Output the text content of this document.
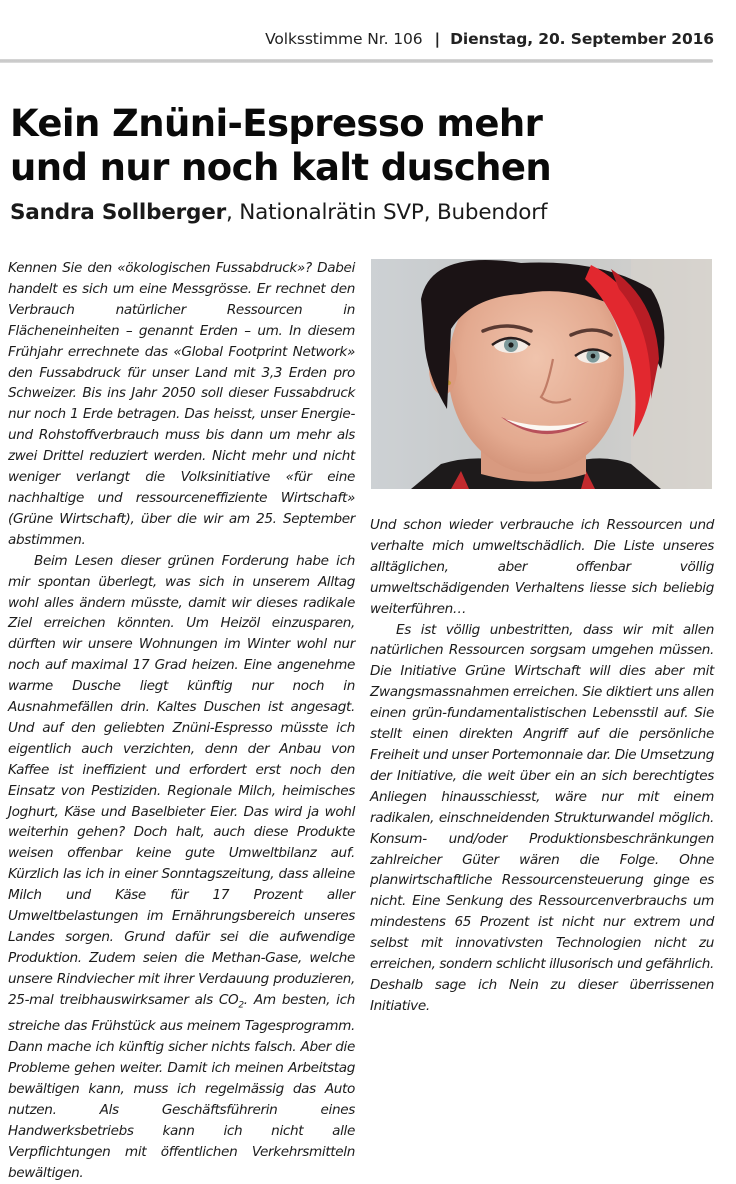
Volksstimme Nr. 106 | Dienstag, 20. September 2016
Kein Znüni-Espresso mehr
und nur noch kalt duschen
Sandra Sollberger, Nationalrätin SVP, Bubendorf

Kennen Sie den «ökologischen Fussabdruck»? Dabei handelt es sich um eine Messgrösse. Er rechnet den Verbrauch natürlicher Ressourcen in Flächeneinheiten – genannt Erden – um. In diesem Frühjahr errechnete das «Global Footprint Network» den Fussabdruck für unser Land mit 3,3 Erden pro Schweizer. Bis ins Jahr 2050 soll dieser Fussabdruck nur noch 1 Erde betragen. Das heisst, unser Energie- und Rohstoffverbrauch muss bis dann um mehr als zwei Drittel reduziert werden. Nicht mehr und nicht weniger verlangt die Volksinitiative «für eine nachhaltige und ressourceneffiziente Wirtschaft» (Grüne Wirtschaft), über die wir am 25. September abstimmen.

Beim Lesen dieser grünen Forderung habe ich mir spontan überlegt, was sich in unserem Alltag wohl alles ändern müsste, damit wir dieses radikale Ziel erreichen könnten. Um Heizöl einzusparen, dürften wir unsere Wohnungen im Winter wohl nur noch auf maximal 17 Grad heizen. Eine angenehme warme Dusche liegt künftig nur noch in Ausnahmefällen drin. Kaltes Duschen ist angesagt. Und auf den geliebten Znüni-Espresso müsste ich eigentlich auch verzichten, denn der Anbau von Kaffee ist ineffizient und erfordert erst noch den Einsatz von Pestiziden. Regionale Milch, heimisches Joghurt, Käse und Baselbieter Eier. Das wird ja wohl weiterhin gehen? Doch halt, auch diese Produkte weisen offenbar keine gute Umweltbilanz auf. Kürzlich las ich in einer Sonntagszeitung, dass alleine Milch und Käse für 17 Prozent aller Umweltbelastungen im Ernährungsbereich unseres Landes sorgen. Grund dafür sei die aufwendige Produktion. Zudem seien die Methan-Gase, welche unsere Rindviecher mit ihrer Verdauung produzieren, 25-mal treibhauswirksamer als $CO_2$. Am besten, ich streiche das Frühstück aus meinem Tagesprogramm. Dann mache ich künftig sicher nichts falsch. Aber die Probleme gehen weiter. Damit ich meinen Arbeitstag bewältigen kann, muss ich regelmässig das Auto nutzen. Als Geschäftsführerin eines Handwerksbetriebs kann ich nicht alle Verpflichtungen mit öffentlichen Verkehrsmitteln bewältigen.

Und schon wieder verbrauche ich Ressourcen und verhalte mich umweltschädlich. Die Liste unseres alltäglichen, aber offenbar völlig umweltschädigenden Verhaltens liesse sich beliebig weiterführen…

Es ist völlig unbestritten, dass wir mit allen natürlichen Ressourcen sorgsam umgehen müssen. Die Initiative Grüne Wirtschaft will dies aber mit Zwangsmassnahmen erreichen. Sie diktiert uns allen einen grün-fundamentalistischen Lebensstil auf. Sie stellt einen direkten Angriff auf die persönliche Freiheit und unser Portemonnaie dar. Die Umsetzung der Initiative, die weit über ein an sich berechtigtes Anliegen hinausschiesst, wäre nur mit einem radikalen, einschneidenden Strukturwandel möglich. Konsum- und/oder Produktionsbeschränkungen zahlreicher Güter wären die Folge. Ohne planwirtschaftliche Ressourcensteuerung ginge es nicht. Eine Senkung des Ressourcenverbrauchs um mindestens 65 Prozent ist nicht nur extrem und selbst mit innovativsten Technologien nicht zu erreichen, sondern schlicht illusorisch und gefährlich. Deshalb sage ich Nein zu dieser überrissenen Initiative.
